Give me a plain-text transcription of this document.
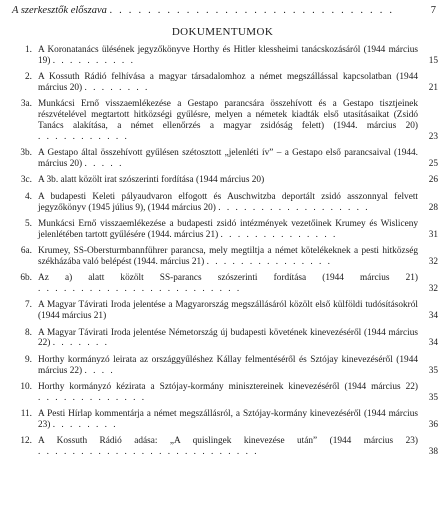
A szerkesztők előszava . . . . . . . . . . . . . . . . . . . . . . . . . . . . . .	7
DOKUMENTUMOK
1. A Koronatanács ülésének jegyzőkönyve Horthy és Hitler klessheimi tanácskozásáról (1944 március 19) . . . . . . . . . .	15
2. A Kossuth Rádió felhívása a magyar társadalomhoz a német megszállással kapcsolatban (1944 március 20) . . . . . . . .	21
3a. Munkácsi Ernő visszaemlékezése a Gestapo parancsára összehívott és a Gestapo tisztjeinek részvételével megtartott hitközségi gyűlésre, melyen a németek kiadták első utasításaikat (Zsidó Tanács alakítása, a német ellenőrzés a magyar zsidóság felett) (1944. március 20) . . . . . . . . . . .	23
3b. A Gestapo által összehívott gyűlésen szétosztott „jelenléti ív” – a Gestapo első parancsaival (1944. március 20) . . . . .	25
3c. A 3b. alatt közölt irat szószerinti fordítása (1944 március 20)	26
4. A budapesti Keleti pályaudvaron elfogott és Auschwitzba deportált zsidó asszonnyal felvett jegyzőkönyv (1945 július 9), (1944 március 20) . . . . . . . . . . . . . . . . . .	28
5. Munkácsi Ernő visszaemlékezése a budapesti zsidó intézmények vezetőinek Krumey és Wisliceny jelenlétében tartott gyűlésére (1944. március 21) . . . . . . . . . . . . . .	31
6a. Krumey, SS-Obersturmbannführer parancsa, mely megtiltja a német kötelékeknek a pesti hitközség székházába való belépést (1944. március 21) . . . . . . . . . . . . . . .	32
6b. Az a) alatt közölt SS-parancs szószerinti fordítása (1944 március 21) . . . . . . . . . . . . . . . . . . . . . . . .	32
7. A Magyar Távirati Iroda jelentése a Magyarország megszállásáról közölt első külföldi tudósításokról (1944 március 21)	34
8. A Magyar Távirati Iroda jelentése Németország új budapesti követének kinevezéséről (1944 március 22) . . . . . . .	34
9. Horthy kormányzó leirata az országgyűléshez Kállay felmentéséről és Sztójay kinevezéséről (1944 március 22) . . . .	35
10. Horthy kormányzó kézirata a Sztójay-kormány minisztereinek kinevezéséről (1944 március 22) . . . . . . . . . . . . .	35
11. A Pesti Hírlap kommentárja a német megszállásról, a Sztójay-kormány kinevezéséről (1944 március 23) . . . . . . . .	36
12. A Kossuth Rádió adása: „A quislingek kinevezése után” (1944 március 23) . . . . . . . . . . . . . . . . . . . . . . . . . .	38
